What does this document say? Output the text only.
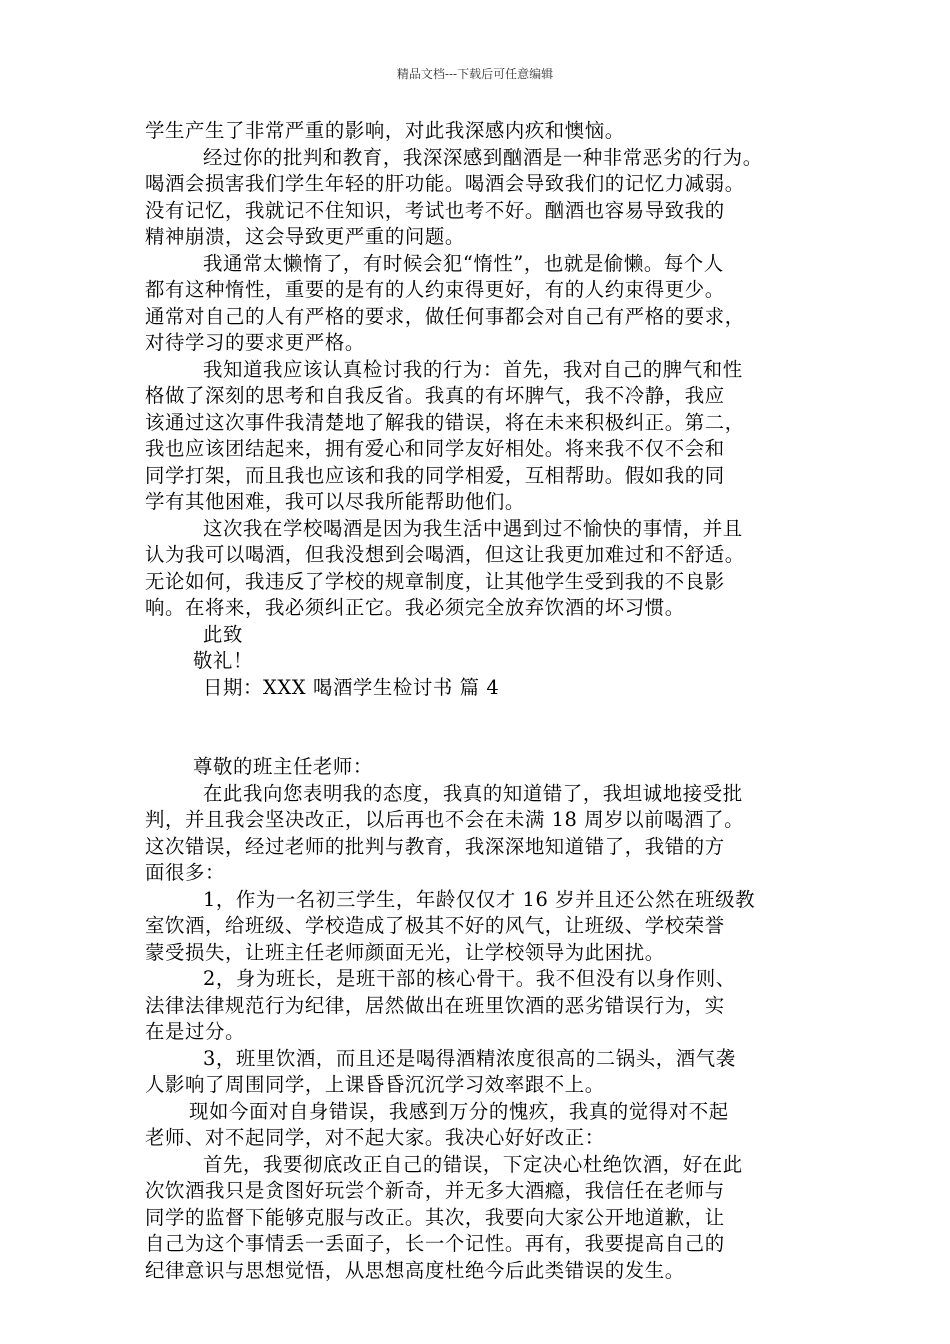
精品文档---下载后可任意编辑
学生产生了非常严重的影响，对此我深感内疚和懊恼。
经过你的批判和教育，我深深感到酗酒是一种非常恶劣的行为。
喝酒会损害我们学生年轻的肝功能。喝酒会导致我们的记忆力减弱。
没有记忆，我就记不住知识，考试也考不好。酗酒也容易导致我的
精神崩溃，这会导致更严重的问题。
我通常太懒惰了，有时候会犯“惰性”，也就是偷懒。每个人
都有这种惰性，重要的是有的人约束得更好，有的人约束得更少。
通常对自己的人有严格的要求，做任何事都会对自己有严格的要求，
对待学习的要求更严格。
我知道我应该认真检讨我的行为：首先，我对自己的脾气和性
格做了深刻的思考和自我反省。我真的有坏脾气，我不冷静，我应
该通过这次事件我清楚地了解我的错误，将在未来积极纠正。第二，
我也应该团结起来，拥有爱心和同学友好相处。将来我不仅不会和
同学打架，而且我也应该和我的同学相爱，互相帮助。假如我的同
学有其他困难，我可以尽我所能帮助他们。
这次我在学校喝酒是因为我生活中遇到过不愉快的事情，并且
认为我可以喝酒，但我没想到会喝酒，但这让我更加难过和不舒适。
无论如何，我违反了学校的规章制度，让其他学生受到我的不良影
响。在将来，我必须纠正它。我必须完全放弃饮酒的坏习惯。
此致
敬礼！
日期：XXX 喝酒学生检讨书 篇 4
尊敬的班主任老师：
在此我向您表明我的态度，我真的知道错了，我坦诚地接受批
判，并且我会坚决改正，以后再也不会在未满 18 周岁以前喝酒了。
这次错误，经过老师的批判与教育，我深深地知道错了，我错的方
面很多：
1，作为一名初三学生，年龄仅仅才 16 岁并且还公然在班级教
室饮酒，给班级、学校造成了极其不好的风气，让班级、学校荣誉
蒙受损失，让班主任老师颜面无光，让学校领导为此困扰。
2，身为班长，是班干部的核心骨干。我不但没有以身作则、
法律法律规范行为纪律，居然做出在班里饮酒的恶劣错误行为，实
在是过分。
3，班里饮酒，而且还是喝得酒精浓度很高的二锅头，酒气袭
人影响了周围同学，上课昏昏沉沉学习效率跟不上。
现如今面对自身错误，我感到万分的愧疚，我真的觉得对不起
老师、对不起同学，对不起大家。我决心好好改正：
首先，我要彻底改正自己的错误，下定决心杜绝饮酒，好在此
次饮酒我只是贪图好玩尝个新奇，并无多大酒瘾，我信任在老师与
同学的监督下能够克服与改正。其次，我要向大家公开地道歉，让
自己为这个事情丢一丢面子，长一个记性。再有，我要提高自己的
纪律意识与思想觉悟，从思想高度杜绝今后此类错误的发生。
